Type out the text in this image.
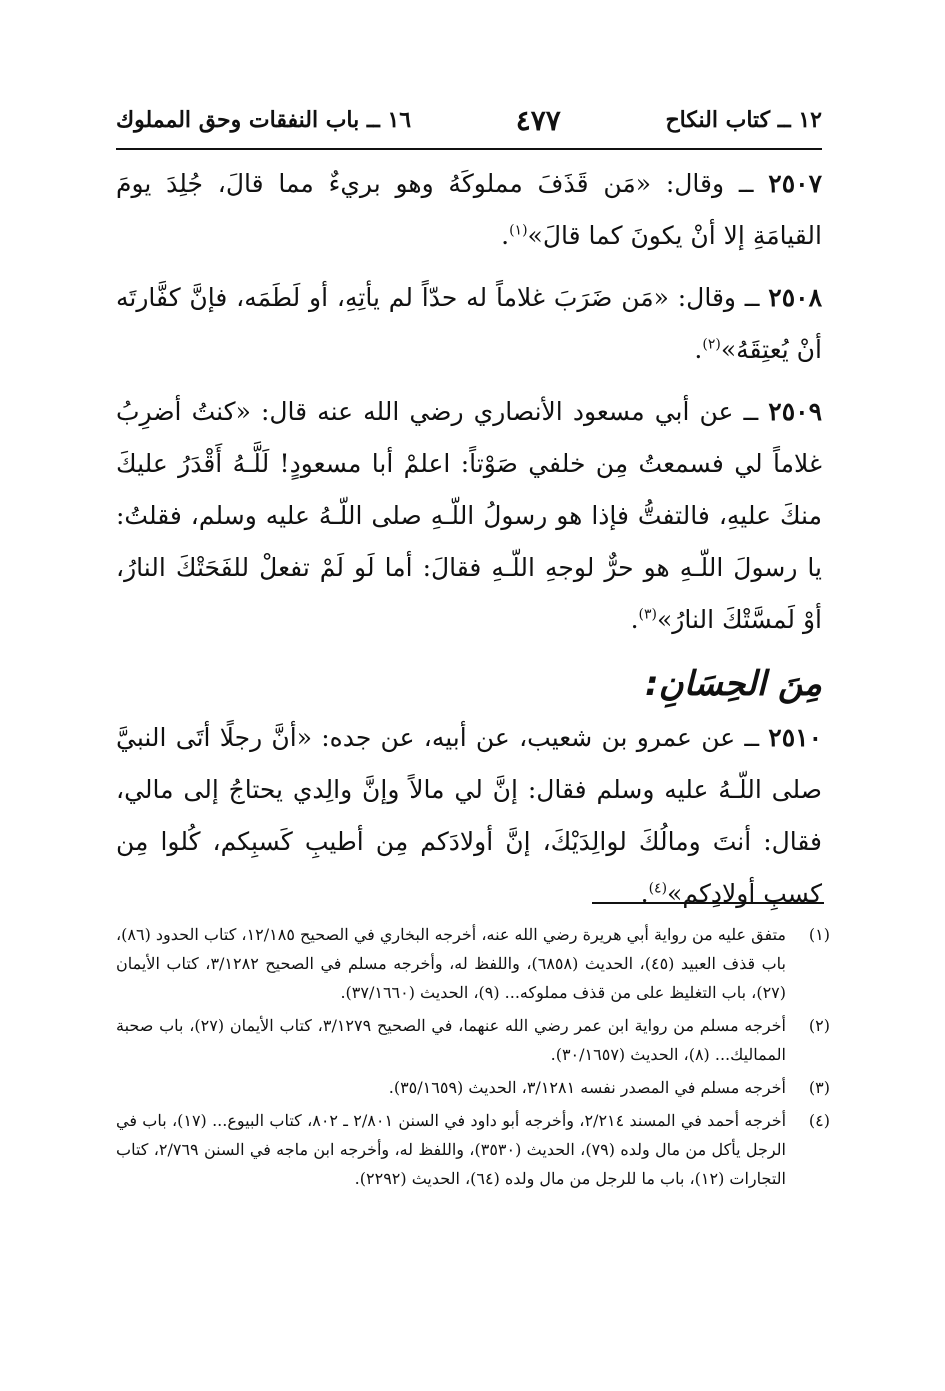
١٢ ــ كتاب النكاح
٤٧٧
١٦ ــ باب النفقات وحق المملوك

٢٥٠٧ ــ وقال: «مَن قَذَفَ مملوكَهُ وهو بريءٌ مما قالَ، جُلِدَ يومَ القيامَةِ إلا أنْ يكونَ كما قالَ»$^{(١)}$.

٢٥٠٨ ــ وقال: «مَن ضَرَبَ غلاماً له حدّاً لم يأتِهِ، أو لَطَمَه، فإنَّ كفَّارتَه أنْ يُعتِقَهُ»$^{(٢)}$.

٢٥٠٩ ــ عن أبي مسعود الأنصاري رضي الله عنه قال: «كنتُ أضرِبُ غلاماً لي فسمعتُ مِن خلفي صَوْتاً: اعلمْ أبا مسعودٍ! لَلَّـهُ أَقْدَرُ عليكَ منكَ عليهِ، فالتفتُّ فإذا هو رسولُ اللّـهِ صلى اللّـهُ عليه وسلم، فقلتُ: يا رسولَ اللّـهِ هو حرٌّ لوجهِ اللّـهِ فقالَ: أما لَو لَمْ تفعلْ للفَحَتْكَ النارُ، أوْ لَمسَّتْكَ النارُ»$^{(٣)}$.

مِنَ الحِسَانِ:

٢٥١٠ ــ عن عمرو بن شعيب، عن أبيه، عن جده: «أنَّ رجلًا أتَى النبيَّ صلى اللّـهُ عليه وسلم فقال: إنَّ لي مالاً وإنَّ والِدي يحتاجُ إلى مالي، فقال: أنتَ ومالُكَ لوالِدَيْكَ، إنَّ أولادَكم مِن أطيبِ كَسبِكم، كُلوا مِن كسبِ أولادِكم»$^{(٤)}$.

(١)
متفق عليه من رواية أبي هريرة رضي الله عنه، أخرجه البخاري في الصحيح ١٢/١٨٥، كتاب الحدود (٨٦)، باب قذف العبيد (٤٥)، الحديث (٦٨٥٨)، واللفظ له، وأخرجه مسلم في الصحيح ٣/١٢٨٢، كتاب الأيمان (٢٧)، باب التغليظ على من قذف مملوكه... (٩)، الحديث (٣٧/١٦٦٠).
(٢)
أخرجه مسلم من رواية ابن عمر رضي الله عنهما، في الصحيح ٣/١٢٧٩، كتاب الأيمان (٢٧)، باب صحبة المماليك... (٨)، الحديث (٣٠/١٦٥٧).
(٣)
أخرجه مسلم في المصدر نفسه ٣/١٢٨١، الحديث (٣٥/١٦٥٩).
(٤)
أخرجه أحمد في المسند ٢/٢١٤، وأخرجه أبو داود في السنن ٢/٨٠١ ـ ٨٠٢، كتاب البيوع... (١٧)، باب في الرجل يأكل من مال ولده (٧٩)، الحديث (٣٥٣٠)، واللفظ له، وأخرجه ابن ماجه في السنن ٢/٧٦٩، كتاب التجارات (١٢)، باب ما للرجل من مال ولده (٦٤)، الحديث (٢٢٩٢).
